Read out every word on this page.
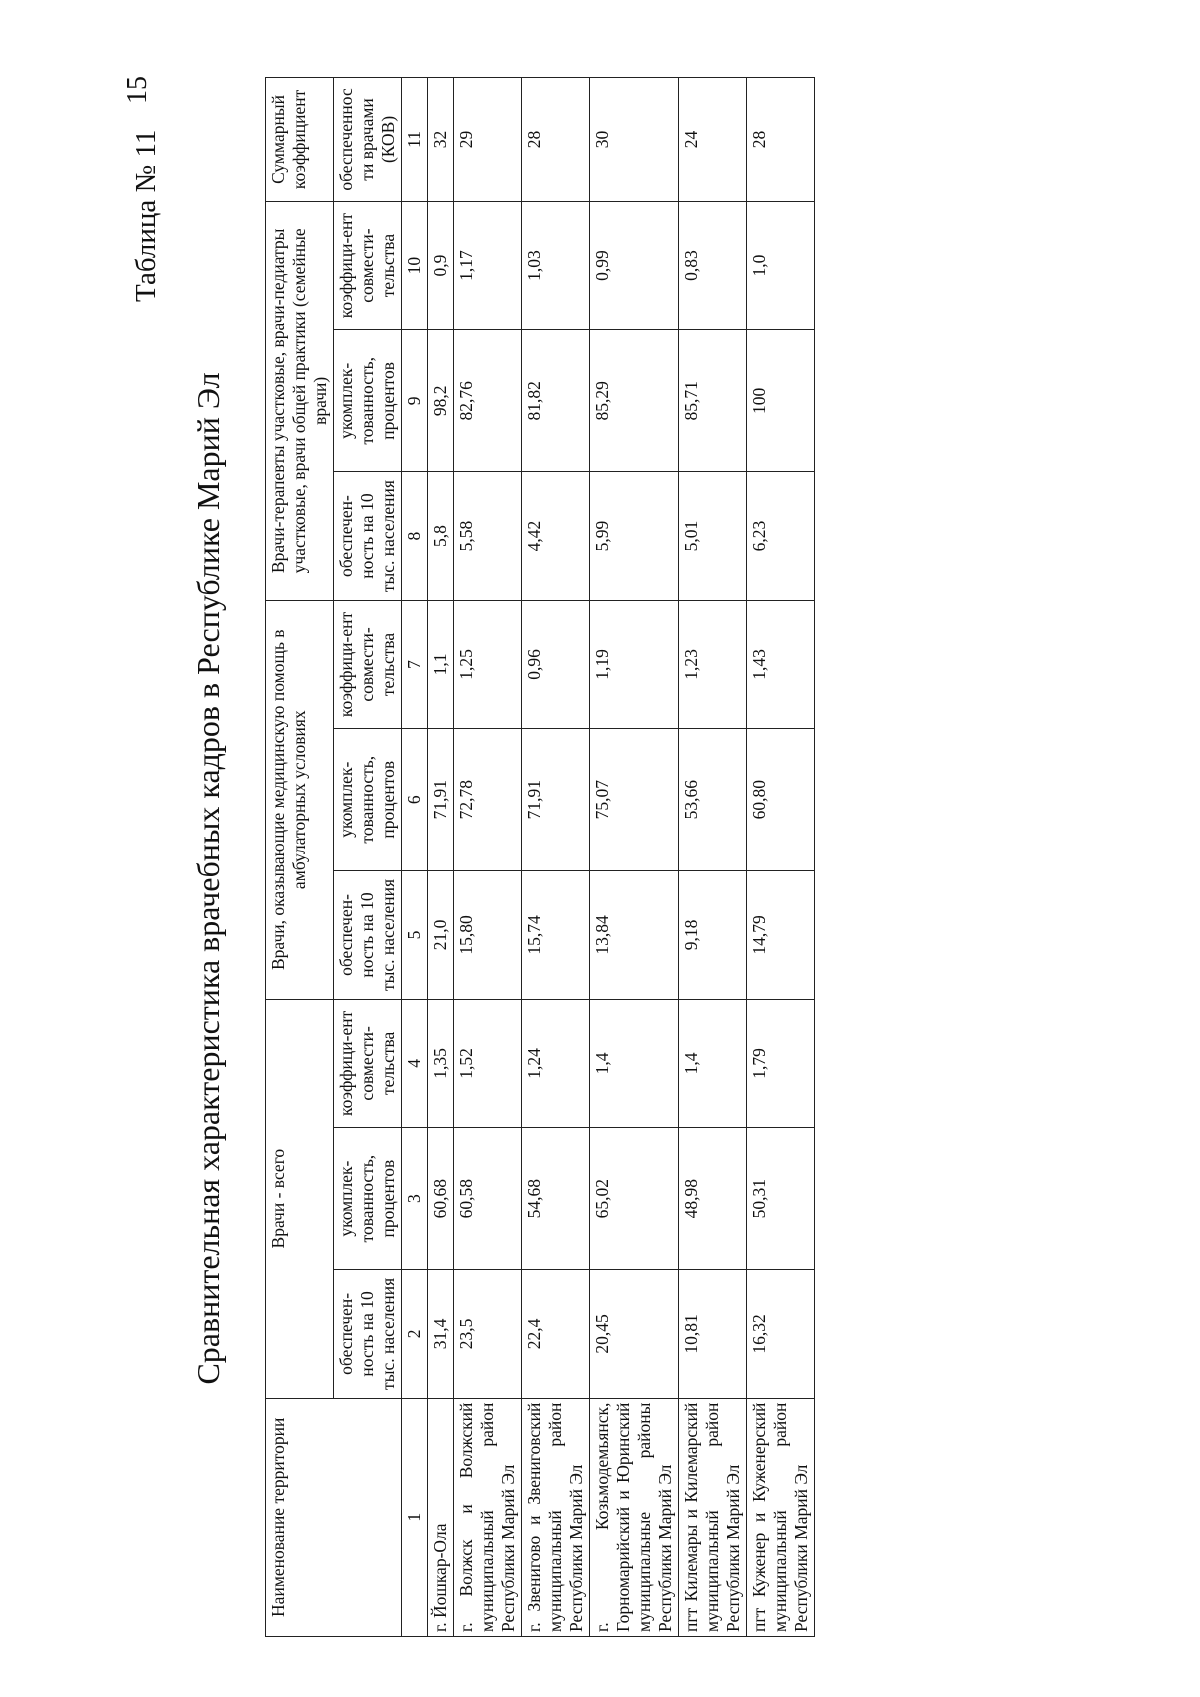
15
Таблица № 11
Сравнительная характеристика врачебных кадров в Республике Марий Эл
Наименование территории	Врачи - всего			Врачи, оказывающие медицинскую помощь в амбулаторных условиях			Врачи-терапевты участковые, врачи-педиатры участковые, врачи общей практики (семейные врачи)			Суммарный коэффициент
	обеспечен-ность на 10 тыс. населения	укомплек-тованность, процентов	коэффици-ент совмести-тельства	обеспечен-ность на 10 тыс. населения	укомплек-тованность, процентов	коэффици-ент совмести-тельства	обеспечен-ность на 10 тыс. населения	укомплек-тованность, процентов	коэффици-ент совмести-тельства	обеспеченнос ти врачами (КОВ)
1	2	3	4	5	6	7	8	9	10	11
г. Йошкар-Ола	31,4	60,68	1,35	21,0	71,91	1,1	5,8	98,2	0,9	32
г. Волжск и Волжский муниципальный район Республики Марий Эл	23,5	60,58	1,52	15,80	72,78	1,25	5,58	82,76	1,17	29
г. Звенигово и Звениговский муниципальный район Республики Марий Эл	22,4	54,68	1,24	15,74	71,91	0,96	4,42	81,82	1,03	28
г. Козьмодемьянск, Горномарийский и Юринский муниципальные районы Республики Марий Эл	20,45	65,02	1,4	13,84	75,07	1,19	5,99	85,29	0,99	30
пгт Килемары и Килемарский муниципальный район Республики Марий Эл	10,81	48,98	1,4	9,18	53,66	1,23	5,01	85,71	0,83	24
пгт Куженер и Куженерский муниципальный район Республики Марий Эл	16,32	50,31	1,79	14,79	60,80	1,43	6,23	100	1,0	28
